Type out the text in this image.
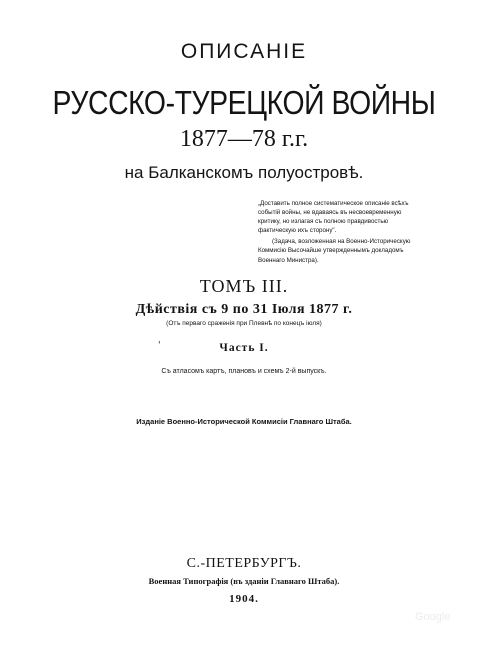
ОПИСАНІЕ
РУССКО-ТУРЕЦКОЙ ВОЙНЫ
1877—78 г.г.
на Балканскомъ полуостровѣ.
„Доставить полное систематическое описаніе всѣхъ
событій войны, не вдаваясь въ несвоевременную
критику, но излагая съ полною правдивостью
фактическую ихъ сторону".
(Задача, возложенная на Военно-Историческую
Коммисію Высочайше утвержденнымъ докладомъ
Военнаго Министра).
ТОМЪ III.
Дѣйствія съ 9 по 31 Іюля 1877 г.
(Отъ перваго сраженія при Плевнѣ по конецъ іюля)
'	Часть I.
Съ атласомъ картъ, плановъ и схемъ 2-й выпускъ.
Изданіе Военно-Исторической Коммисіи Главнаго Штаба.
С.-ПЕТЕРБУРГЪ.
Военная Типографія (въ зданіи Главнаго Штаба).
1904.
Google
